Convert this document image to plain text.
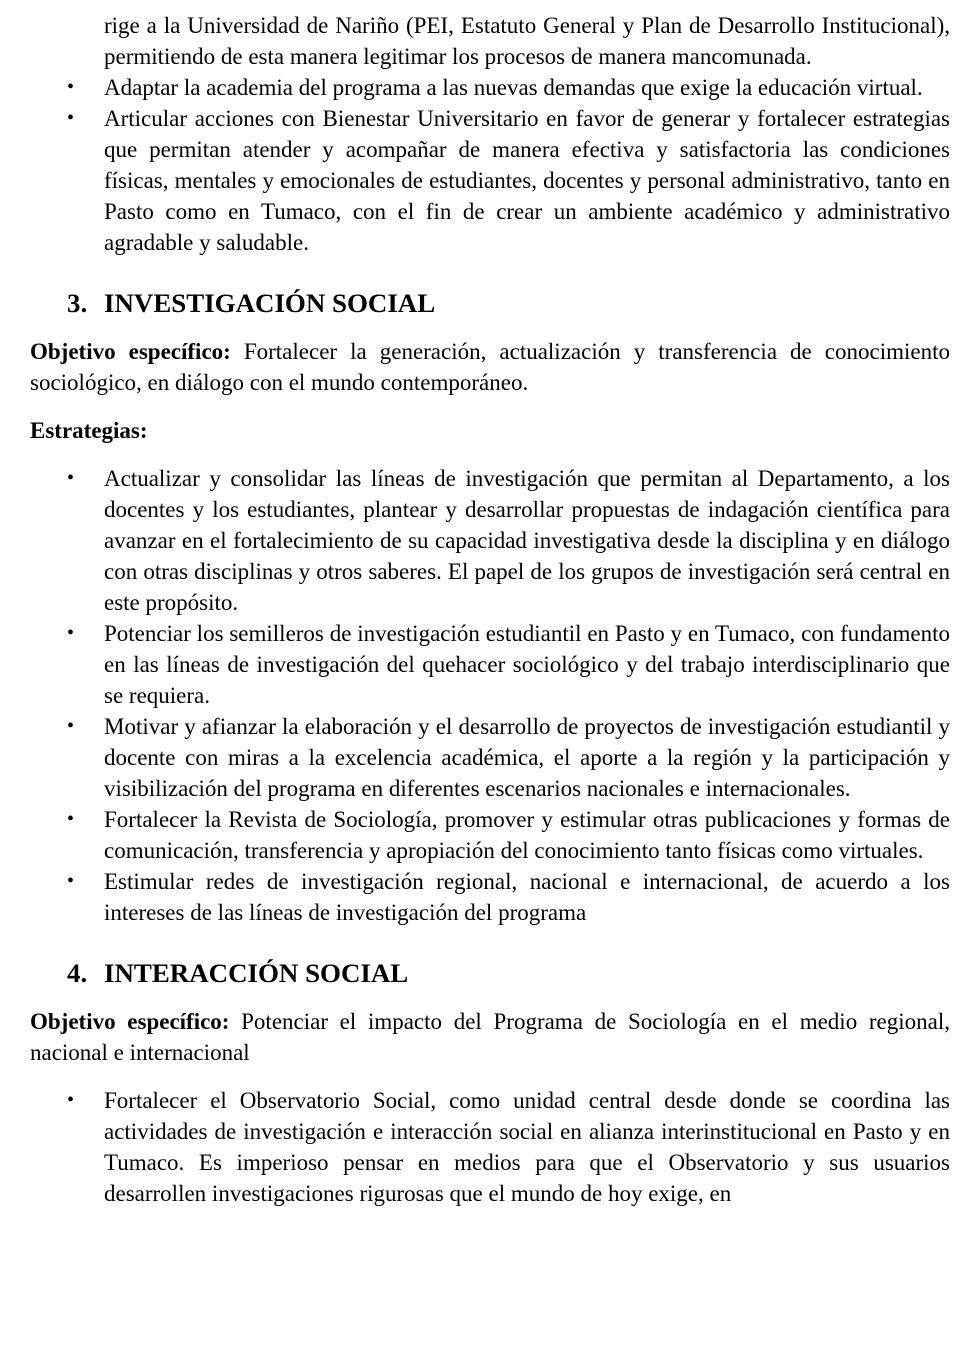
rige a la Universidad de Nariño (PEI, Estatuto General y Plan de Desarrollo Institucional), permitiendo de esta manera legitimar los procesos de manera mancomunada.

• Adaptar la academia del programa a las nuevas demandas que exige la educación virtual.
• Articular acciones con Bienestar Universitario en favor de generar y fortalecer estrategias que permitan atender y acompañar de manera efectiva y satisfactoria las condiciones físicas, mentales y emocionales de estudiantes, docentes y personal administrativo, tanto en Pasto como en Tumaco, con el fin de crear un ambiente académico y administrativo agradable y saludable.
3. INVESTIGACIÓN SOCIAL

Objetivo específico: Fortalecer la generación, actualización y transferencia de conocimiento sociológico, en diálogo con el mundo contemporáneo.

Estrategias:

• Actualizar y consolidar las líneas de investigación que permitan al Departamento, a los docentes y los estudiantes, plantear y desarrollar propuestas de indagación científica para avanzar en el fortalecimiento de su capacidad investigativa desde la disciplina y en diálogo con otras disciplinas y otros saberes. El papel de los grupos de investigación será central en este propósito.
• Potenciar los semilleros de investigación estudiantil en Pasto y en Tumaco, con fundamento en las líneas de investigación del quehacer sociológico y del trabajo interdisciplinario que se requiera.
• Motivar y afianzar la elaboración y el desarrollo de proyectos de investigación estudiantil y docente con miras a la excelencia académica, el aporte a la región y la participación y visibilización del programa en diferentes escenarios nacionales e internacionales.
• Fortalecer la Revista de Sociología, promover y estimular otras publicaciones y formas de comunicación, transferencia y apropiación del conocimiento tanto físicas como virtuales.
• Estimular redes de investigación regional, nacional e internacional, de acuerdo a los intereses de las líneas de investigación del programa
4. INTERACCIÓN SOCIAL

Objetivo específico: Potenciar el impacto del Programa de Sociología en el medio regional, nacional e internacional

• Fortalecer el Observatorio Social, como unidad central desde donde se coordina las actividades de investigación e interacción social en alianza interinstitucional en Pasto y en Tumaco. Es imperioso pensar en medios para que el Observatorio y sus usuarios desarrollen investigaciones rigurosas que el mundo de hoy exige, en
